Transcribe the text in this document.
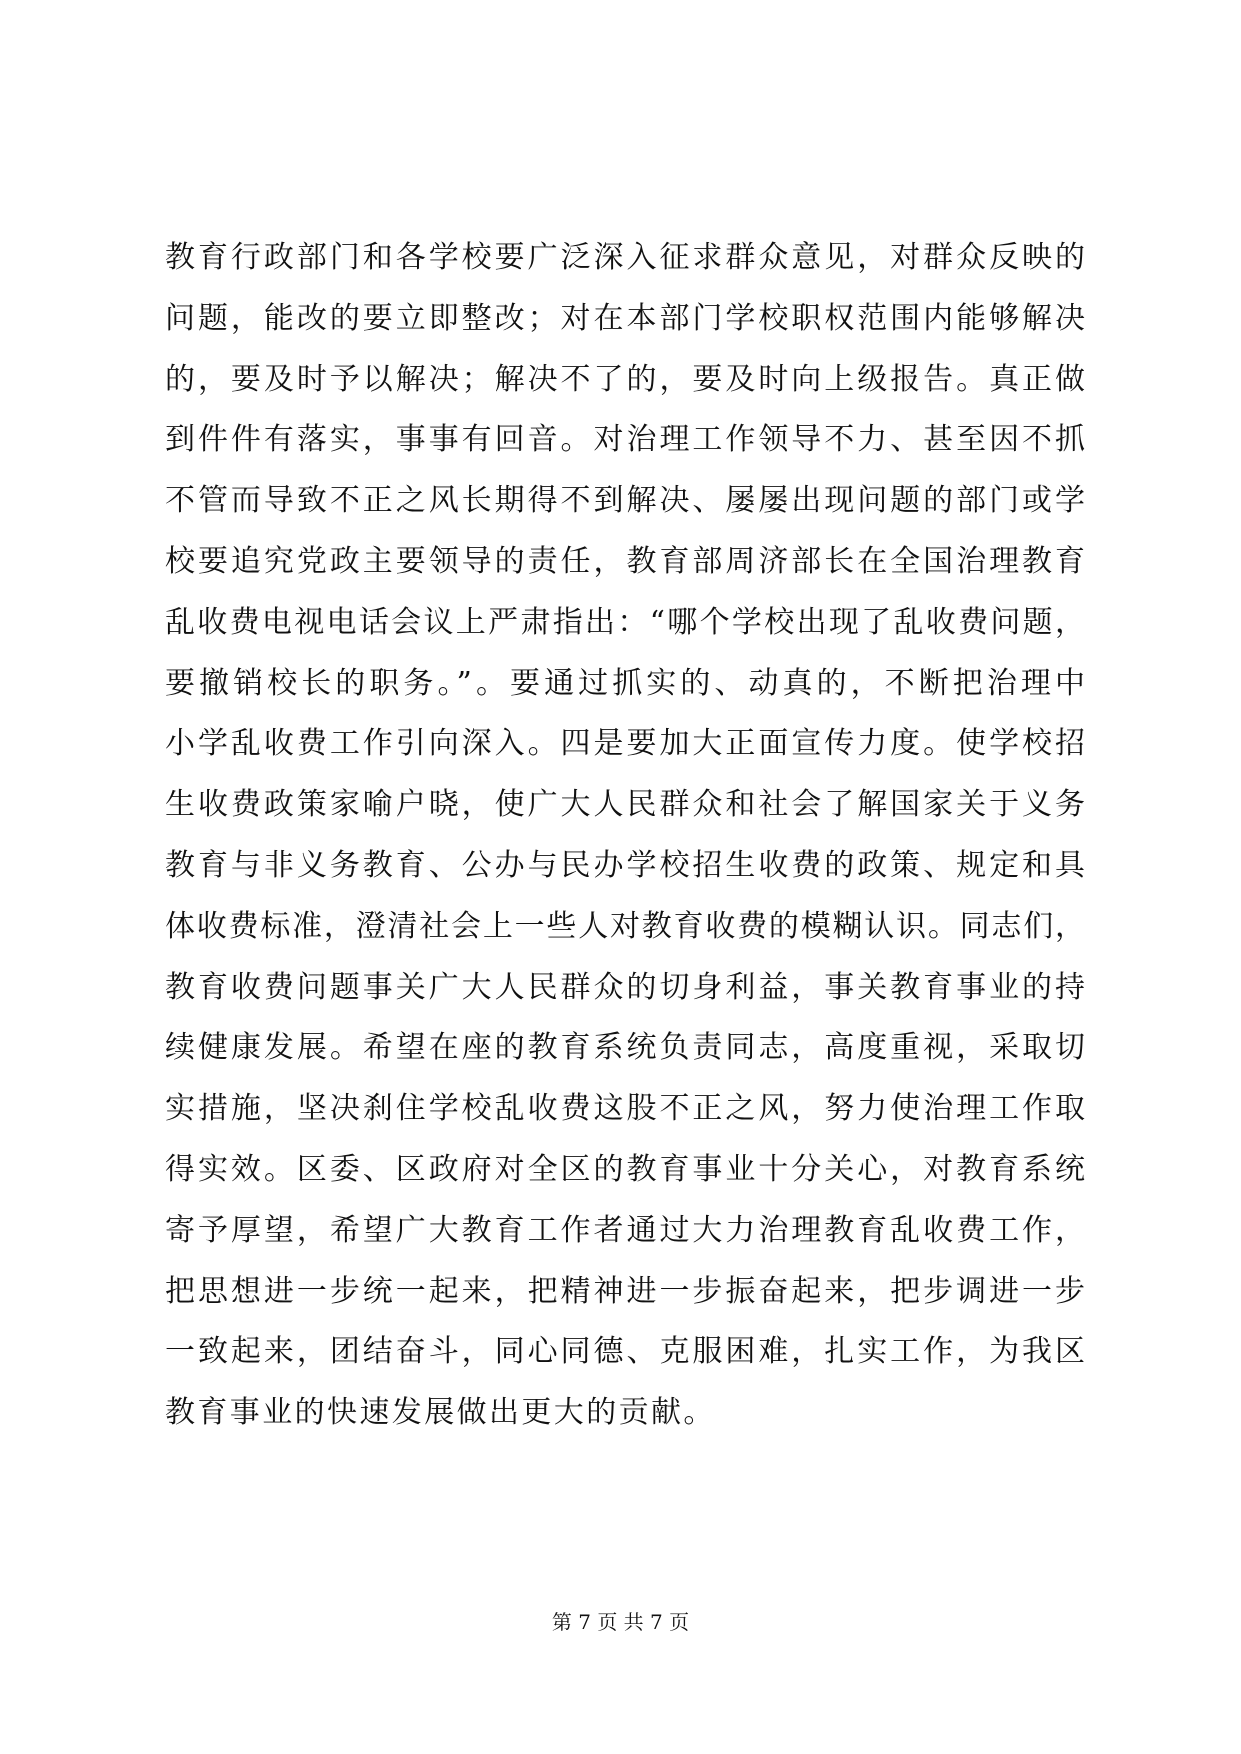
教育行政部门和各学校要广泛深入征求群众意见，对群众反映的
问题，能改的要立即整改；对在本部门学校职权范围内能够解决
的，要及时予以解决；解决不了的，要及时向上级报告。真正做
到件件有落实，事事有回音。对治理工作领导不力、甚至因不抓
不管而导致不正之风长期得不到解决、屡屡出现问题的部门或学
校要追究党政主要领导的责任，教育部周济部长在全国治理教育
乱收费电视电话会议上严肃指出：“哪个学校出现了乱收费问题，
要撤销校长的职务。”。要通过抓实的、动真的，不断把治理中
小学乱收费工作引向深入。四是要加大正面宣传力度。使学校招
生收费政策家喻户晓，使广大人民群众和社会了解国家关于义务
教育与非义务教育、公办与民办学校招生收费的政策、规定和具
体收费标准，澄清社会上一些人对教育收费的模糊认识。同志们，
教育收费问题事关广大人民群众的切身利益，事关教育事业的持
续健康发展。希望在座的教育系统负责同志，高度重视，采取切
实措施，坚决刹住学校乱收费这股不正之风，努力使治理工作取
得实效。区委、区政府对全区的教育事业十分关心，对教育系统
寄予厚望，希望广大教育工作者通过大力治理教育乱收费工作，
把思想进一步统一起来，把精神进一步振奋起来，把步调进一步
一致起来，团结奋斗，同心同德、克服困难，扎实工作，为我区
教育事业的快速发展做出更大的贡献。
第 7 页 共 7 页
